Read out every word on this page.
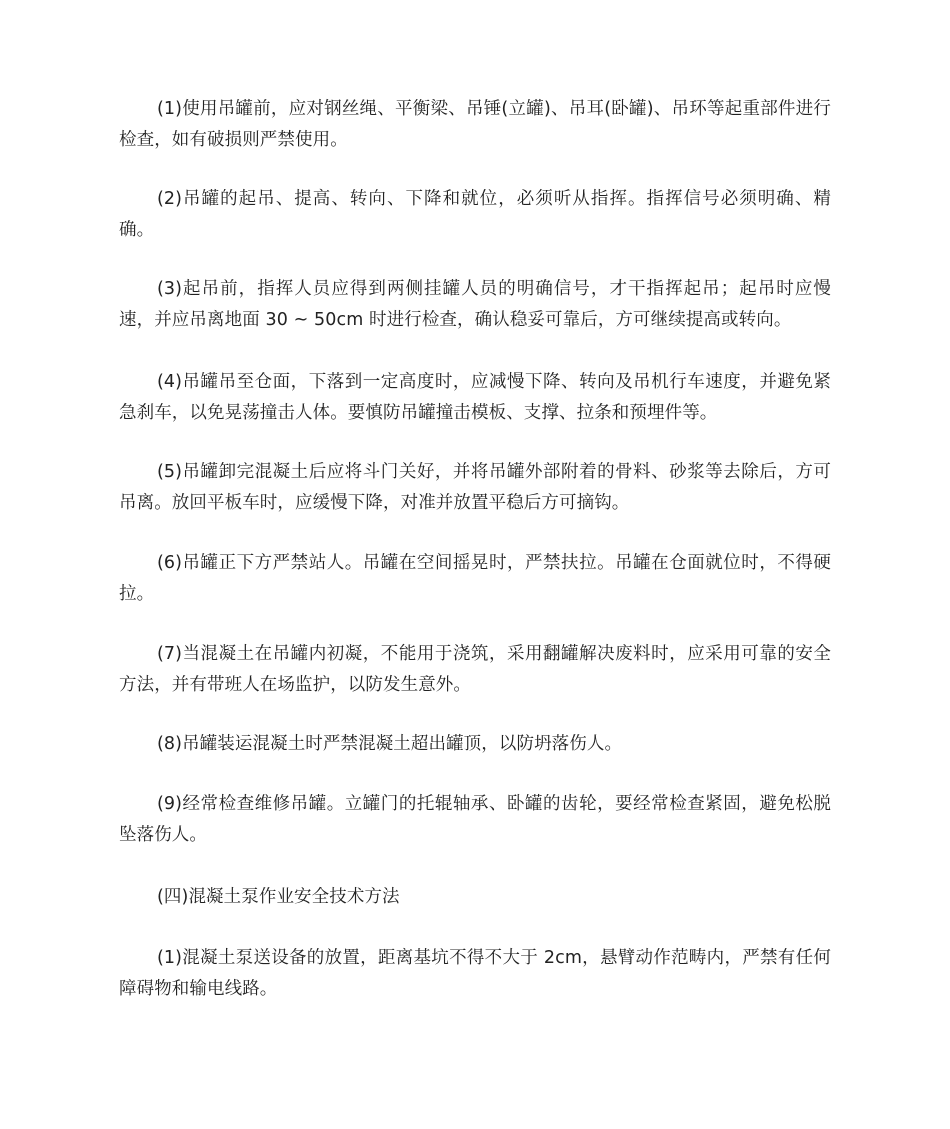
(1)使用吊罐前，应对钢丝绳、平衡梁、吊锤(立罐)、吊耳(卧罐)、吊环等起重部件进行检查，如有破损则严禁使用。

(2)吊罐的起吊、提高、转向、下降和就位，必须听从指挥。指挥信号必须明确、精确。

(3)起吊前，指挥人员应得到两侧挂罐人员的明确信号，才干指挥起吊；起吊时应慢速，并应吊离地面 30 ~ 50cm 时进行检查，确认稳妥可靠后，方可继续提高或转向。

(4)吊罐吊至仓面，下落到一定高度时，应减慢下降、转向及吊机行车速度，并避免紧急刹车，以免晃荡撞击人体。要慎防吊罐撞击模板、支撑、拉条和预埋件等。

(5)吊罐卸完混凝土后应将斗门关好，并将吊罐外部附着的骨料、砂浆等去除后，方可吊离。放回平板车时，应缓慢下降，对准并放置平稳后方可摘钩。

(6)吊罐正下方严禁站人。吊罐在空间摇晃时，严禁扶拉。吊罐在仓面就位时，不得硬拉。

(7)当混凝土在吊罐内初凝，不能用于浇筑，采用翻罐解决废料时，应采用可靠的安全方法，并有带班人在场监护，以防发生意外。

(8)吊罐装运混凝土时严禁混凝土超出罐顶，以防坍落伤人。

(9)经常检查维修吊罐。立罐门的托辊轴承、卧罐的齿轮，要经常检查紧固，避免松脱坠落伤人。

(四)混凝土泵作业安全技术方法

(1)混凝土泵送设备的放置，距离基坑不得不大于 2cm，悬臂动作范畴内，严禁有任何障碍物和输电线路。
